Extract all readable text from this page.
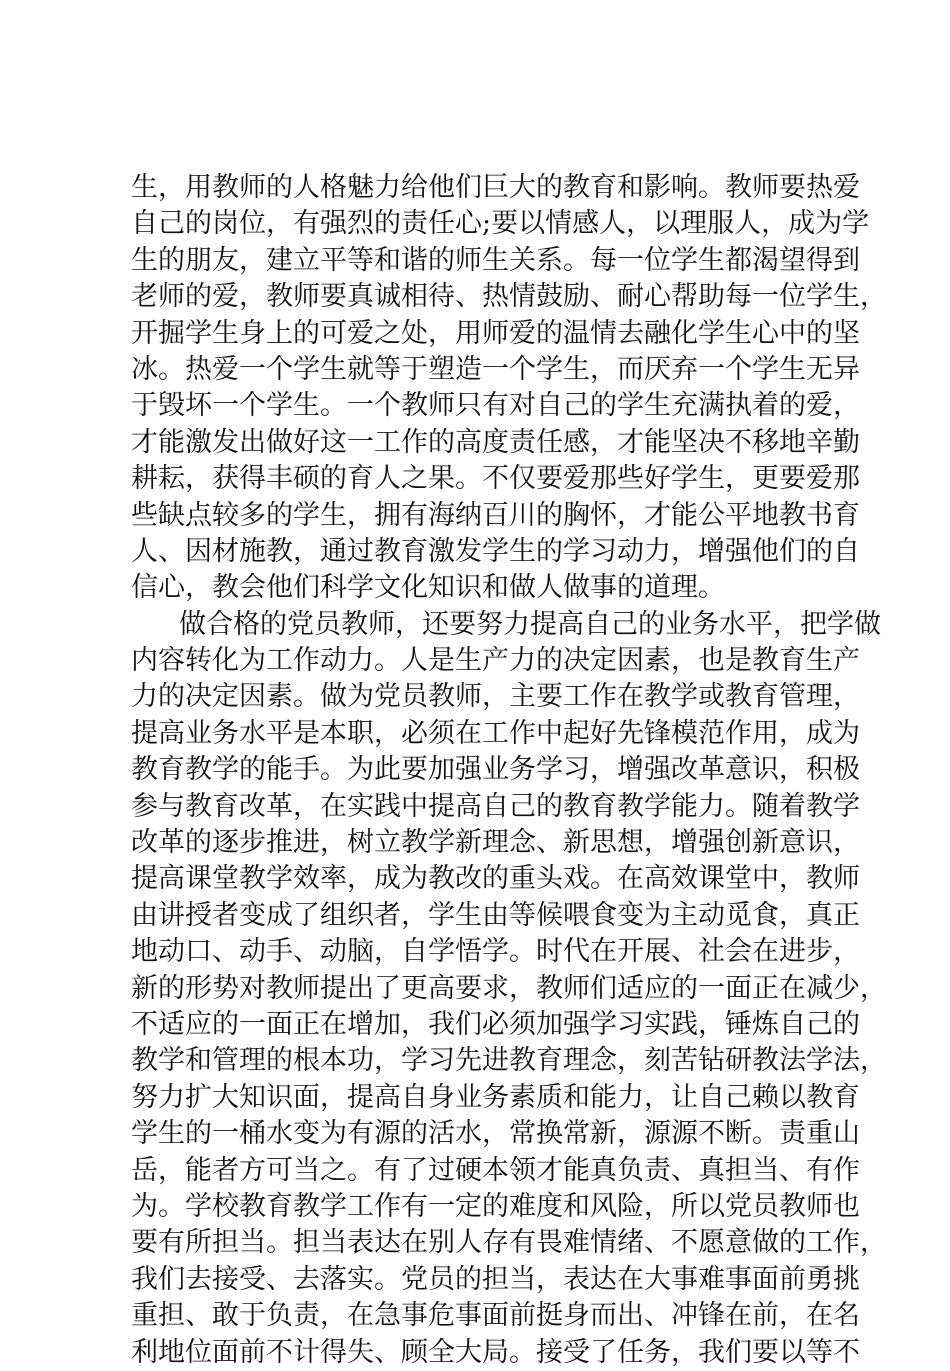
生，用教师的人格魅力给他们巨大的教育和影响。教师要热爱
自己的岗位，有强烈的责任心;要以情感人，以理服人，成为学
生的朋友，建立平等和谐的师生关系。每一位学生都渴望得到
老师的爱，教师要真诚相待、热情鼓励、耐心帮助每一位学生，
开掘学生身上的可爱之处，用师爱的温情去融化学生心中的坚
冰。热爱一个学生就等于塑造一个学生，而厌弃一个学生无异
于毁坏一个学生。一个教师只有对自己的学生充满执着的爱，
才能激发出做好这一工作的高度责任感，才能坚决不移地辛勤
耕耘，获得丰硕的育人之果。不仅要爱那些好学生，更要爱那
些缺点较多的学生，拥有海纳百川的胸怀，才能公平地教书育
人、因材施教，通过教育激发学生的学习动力，增强他们的自
信心，教会他们科学文化知识和做人做事的道理。
做合格的党员教师，还要努力提高自己的业务水平，把学做
内容转化为工作动力。人是生产力的决定因素，也是教育生产
力的决定因素。做为党员教师，主要工作在教学或教育管理，
提高业务水平是本职，必须在工作中起好先锋模范作用，成为
教育教学的能手。为此要加强业务学习，增强改革意识，积极
参与教育改革，在实践中提高自己的教育教学能力。随着教学
改革的逐步推进，树立教学新理念、新思想，增强创新意识，
提高课堂教学效率，成为教改的重头戏。在高效课堂中，教师
由讲授者变成了组织者，学生由等候喂食变为主动觅食，真正
地动口、动手、动脑，自学悟学。时代在开展、社会在进步，
新的形势对教师提出了更高要求，教师们适应的一面正在减少，
不适应的一面正在增加，我们必须加强学习实践，锤炼自己的
教学和管理的根本功，学习先进教育理念，刻苦钻研教法学法，
努力扩大知识面，提高自身业务素质和能力，让自己赖以教育
学生的一桶水变为有源的活水，常换常新，源源不断。责重山
岳，能者方可当之。有了过硬本领才能真负责、真担当、有作
为。学校教育教学工作有一定的难度和风险，所以党员教师也
要有所担当。担当表达在别人存有畏难情绪、不愿意做的工作，
我们去接受、去落实。党员的担当，表达在大事难事面前勇挑
重担、敢于负责，在急事危事面前挺身而出、冲锋在前，在名
利地位面前不计得失、顾全大局。接受了任务，我们要以等不
